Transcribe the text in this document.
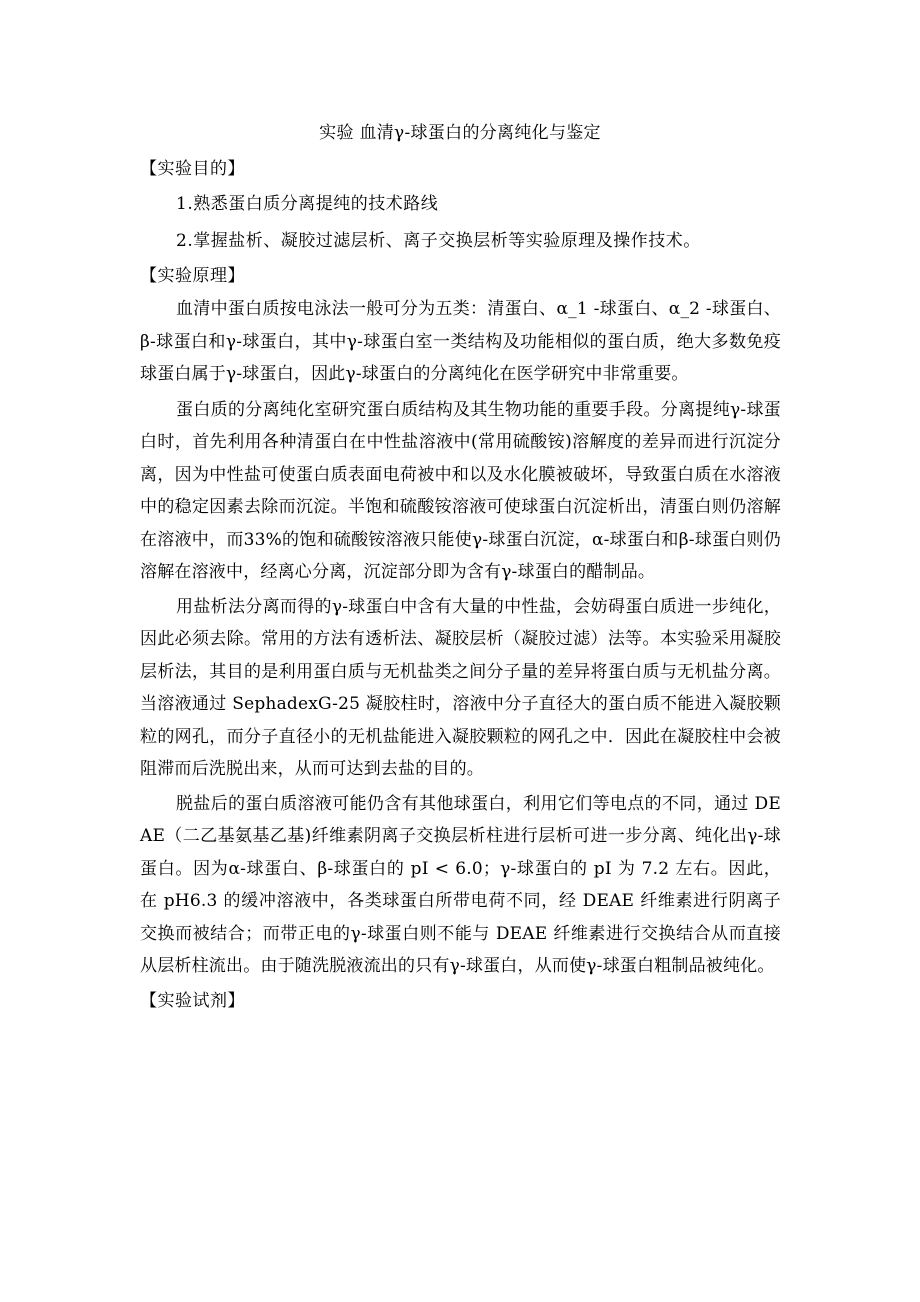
实验 血清γ-球蛋白的分离纯化与鉴定

【实验目的】

1.熟悉蛋白质分离提纯的技术路线

2.掌握盐析、凝胶过滤层析、离子交换层析等实验原理及操作技术。

【实验原理】

血清中蛋白质按电泳法一般可分为五类：清蛋白、α_1 -球蛋白、α_2 -球蛋白、β-球蛋白和γ-球蛋白，其中γ-球蛋白室一类结构及功能相似的蛋白质，绝大多数免疫球蛋白属于γ-球蛋白，因此γ-球蛋白的分离纯化在医学研究中非常重要。

蛋白质的分离纯化室研究蛋白质结构及其生物功能的重要手段。分离提纯γ-球蛋白时，首先利用各种清蛋白在中性盐溶液中(常用硫酸铵)溶解度的差异而进行沉淀分离，因为中性盐可使蛋白质表面电荷被中和以及水化膜被破坏，导致蛋白质在水溶液中的稳定因素去除而沉淀。半饱和硫酸铵溶液可使球蛋白沉淀析出，清蛋白则仍溶解在溶液中，而33%的饱和硫酸铵溶液只能使γ-球蛋白沉淀，α-球蛋白和β-球蛋白则仍溶解在溶液中，经离心分离，沉淀部分即为含有γ-球蛋白的醋制品。

用盐析法分离而得的γ-球蛋白中含有大量的中性盐，会妨碍蛋白质进一步纯化，因此必须去除。常用的方法有透析法、凝胶层析（凝胶过滤）法等。本实验采用凝胶层析法，其目的是利用蛋白质与无机盐类之间分子量的差异将蛋白质与无机盐分离。当溶液通过 SephadexG-25 凝胶柱时，溶液中分子直径大的蛋白质不能进入凝胶颗粒的网孔，而分子直径小的无机盐能进入凝胶颗粒的网孔之中．因此在凝胶柱中会被阻滞而后洗脱出来，从而可达到去盐的目的。

脱盐后的蛋白质溶液可能仍含有其他球蛋白，利用它们等电点的不同，通过 DEAE（二乙基氨基乙基)纤维素阴离子交换层析柱进行层析可进一步分离、纯化出γ-球蛋白。因为α-球蛋白、β-球蛋白的 pI < 6.0；γ-球蛋白的 pI 为 7.2 左右。因此，在 pH6.3 的缓冲溶液中，各类球蛋白所带电荷不同，经 DEAE 纤维素进行阴离子交换而被结合；而带正电的γ-球蛋白则不能与 DEAE 纤维素进行交换结合从而直接从层析柱流出。由于随洗脱液流出的只有γ-球蛋白，从而使γ-球蛋白粗制品被纯化。

【实验试剂】
